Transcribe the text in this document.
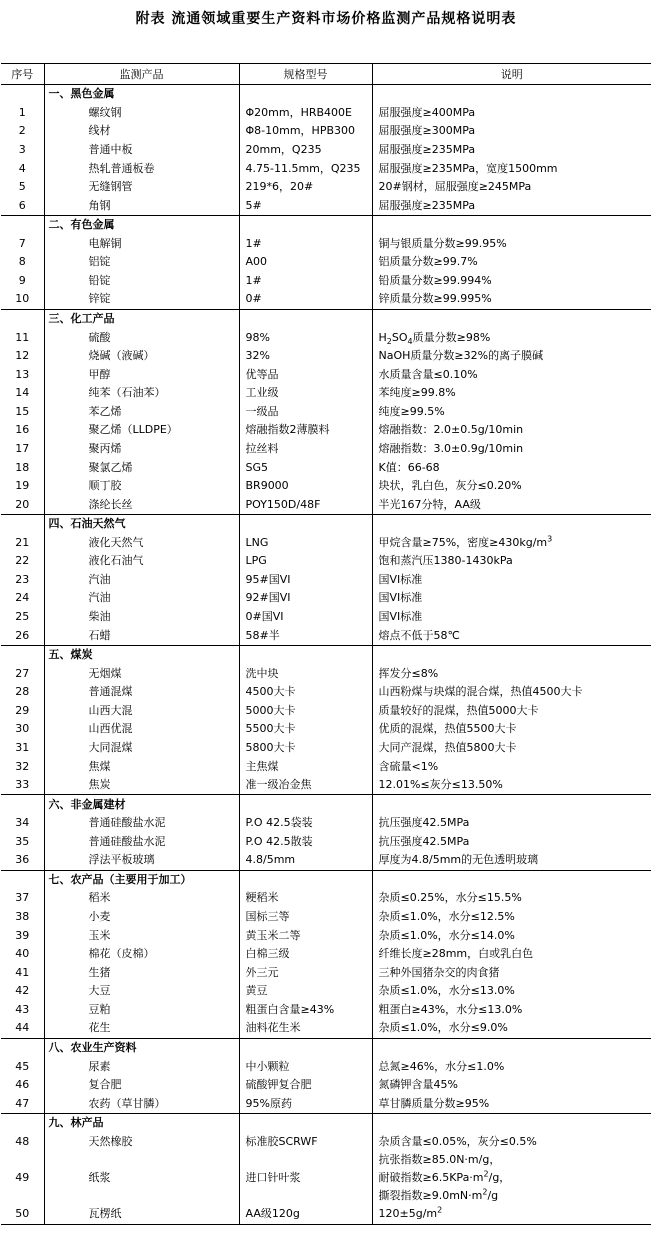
附表 流通领域重要生产资料市场价格监测产品规格说明表
序号	监测产品	规格型号	说明
	一、黑色金属		
1	螺纹钢	Φ20mm，HRB400E	屈服强度≥400MPa
2	线材	Φ8-10mm，HPB300	屈服强度≥300MPa
3	普通中板	20mm，Q235	屈服强度≥235MPa
4	热轧普通板卷	4.75-11.5mm，Q235	屈服强度≥235MPa，宽度1500mm
5	无缝钢管	219*6，20#	20#钢材，屈服强度≥245MPa
6	角钢	5#	屈服强度≥235MPa
	二、有色金属		
7	电解铜	1#	铜与银质量分数≥99.95%
8	铝锭	A00	铝质量分数≥99.7%
9	铅锭	1#	铅质量分数≥99.994%
10	锌锭	0#	锌质量分数≥99.995%
	三、化工产品		
11	硫酸	98%	$H_2SO_4$质量分数≥98%
12	烧碱（液碱）	32%	NaOH质量分数≥32%的离子膜碱
13	甲醇	优等品	水质量含量≤0.10%
14	纯苯（石油苯）	工业级	苯纯度≥99.8%
15	苯乙烯	一级品	纯度≥99.5%
16	聚乙烯（LLDPE）	熔融指数2薄膜料	熔融指数：2.0±0.5g/10min
17	聚丙烯	拉丝料	熔融指数：3.0±0.9g/10min
18	聚氯乙烯	SG5	K值：66-68
19	顺丁胶	BR9000	块状，乳白色，灰分≤0.20%
20	涤纶长丝	POY150D/48F	半光167分特，AA级
	四、石油天然气		
21	液化天然气	LNG	甲烷含量≥75%，密度$\ge 430kg/m^3$
22	液化石油气	LPG	饱和蒸汽压1380-1430kPa
23	汽油	95#国VI	国VI标准
24	汽油	92#国VI	国VI标准
25	柴油	0#国VI	国VI标准
26	石蜡	58#半	熔点不低于58℃
	五、煤炭		
27	无烟煤	洗中块	挥发分≤8%
28	普通混煤	4500大卡	山西粉煤与块煤的混合煤，热值4500大卡
29	山西大混	5000大卡	质量较好的混煤，热值5000大卡
30	山西优混	5500大卡	优质的混煤，热值5500大卡
31	大同混煤	5800大卡	大同产混煤，热值5800大卡
32	焦煤	主焦煤	含硫量<1%
33	焦炭	准一级冶金焦	12.01%≤灰分≤13.50%
	六、非金属建材		
34	普通硅酸盐水泥	P.O 42.5袋装	抗压强度42.5MPa
35	普通硅酸盐水泥	P.O 42.5散装	抗压强度42.5MPa
36	浮法平板玻璃	4.8/5mm	厚度为4.8/5mm的无色透明玻璃
	七、农产品（主要用于加工）		
37	稻米	粳稻米	杂质≤0.25%，水分≤15.5%
38	小麦	国标三等	杂质≤1.0%，水分≤12.5%
39	玉米	黄玉米二等	杂质≤1.0%，水分≤14.0%
40	棉花（皮棉）	白棉三级	纤维长度≥28mm，白或乳白色
41	生猪	外三元	三种外国猪杂交的肉食猪
42	大豆	黄豆	杂质≤1.0%，水分≤13.0%
43	豆粕	粗蛋白含量≥43%	粗蛋白≥43%，水分≤13.0%
44	花生	油料花生米	杂质≤1.0%，水分≤9.0%
	八、农业生产资料		
45	尿素	中小颗粒	总氮≥46%，水分≤1.0%
46	复合肥	硫酸钾复合肥	氮磷钾含量45%
47	农药（草甘膦）	95%原药	草甘膦质量分数≥95%
	九、林产品		
48	天然橡胶	标准胶SCRWF	杂质含量≤0.05%，灰分≤0.5%
49	纸浆	进口针叶浆	抗张指数≥85.0N·m/g，
耐破指数$\ge 6.5KPa\cdot m^2/g$，
撕裂指数$\ge 9.0mN\cdot m^2/g$

50	瓦楞纸	AA级120g	$120\pm 5g/m^2$
